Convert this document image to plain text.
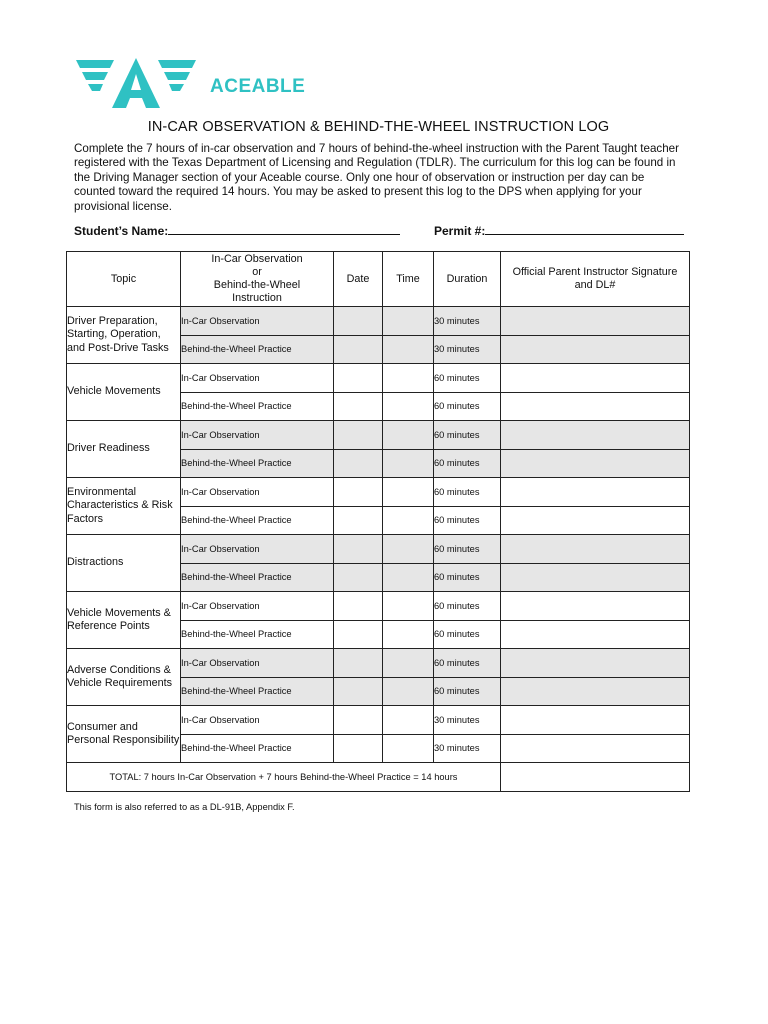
ACEABLE
IN-CAR OBSERVATION & BEHIND-THE-WHEEL INSTRUCTION LOG
Complete the 7 hours of in-car observation and 7 hours of behind-the-wheel instruction with the Parent Taught teacher registered with the Texas Department of Licensing and Regulation (TDLR). The curriculum for this log can be found in the Driving Manager section of your Aceable course. Only one hour of observation or instruction per day can be counted toward the required 14 hours. You may be asked to present this log to the DPS when applying for your provisional license.
Student’s Name:	Permit #:
Topic	In-Car Observation
or
Behind-the-Wheel
Instruction	Date	Time	Duration	Official Parent Instructor Signature and DL#
Driver Preparation, Starting, Operation, and Post-Drive Tasks	In-Car Observation			30 minutes	
	Behind-the-Wheel Practice			30 minutes	
Vehicle Movements	In-Car Observation			60 minutes	
	Behind-the-Wheel Practice			60 minutes	
Driver Readiness	In-Car Observation			60 minutes	
	Behind-the-Wheel Practice			60 minutes	
Environmental Characteristics & Risk Factors	In-Car Observation			60 minutes	
	Behind-the-Wheel Practice			60 minutes	
Distractions	In-Car Observation			60 minutes	
	Behind-the-Wheel Practice			60 minutes	
Vehicle Movements & Reference Points	In-Car Observation			60 minutes	
	Behind-the-Wheel Practice			60 minutes	
Adverse Conditions & Vehicle Requirements	In-Car Observation			60 minutes	
	Behind-the-Wheel Practice			60 minutes	
Consumer and Personal Responsibility	In-Car Observation			30 minutes	
	Behind-the-Wheel Practice			30 minutes	
TOTAL: 7 hours In-Car Observation + 7 hours Behind-the-Wheel Practice = 14 hours					
This form is also referred to as a DL-91B, Appendix F.
